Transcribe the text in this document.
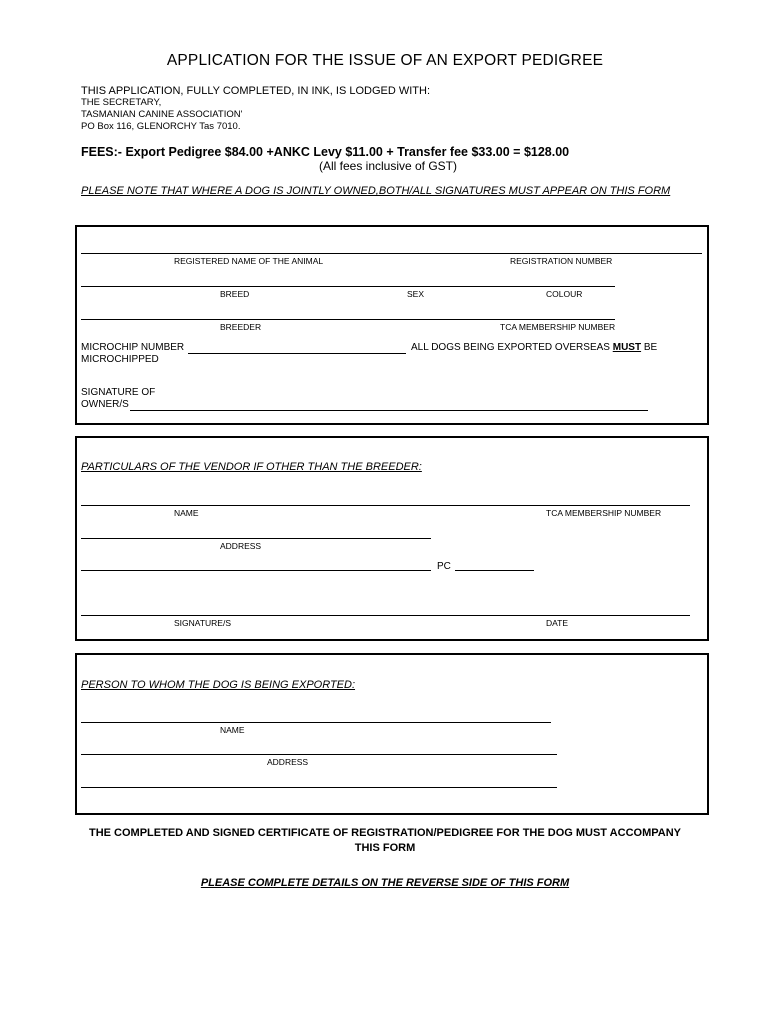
APPLICATION FOR THE ISSUE OF AN EXPORT PEDIGREE
THIS APPLICATION, FULLY COMPLETED, IN INK, IS LODGED WITH:
THE SECRETARY,
TASMANIAN CANINE ASSOCIATION'
PO Box 116, GLENORCHY Tas 7010.
FEES:- Export Pedigree $84.00 +ANKC Levy $11.00 + Transfer fee $33.00 = $128.00
(All fees inclusive of GST)
PLEASE NOTE THAT WHERE A DOG IS JOINTLY OWNED,BOTH/ALL SIGNATURES MUST APPEAR ON THIS FORM
REGISTERED NAME OF THE ANIMAL	REGISTRATION NUMBER
BREED	SEX	COLOUR
BREEDER	TCA MEMBERSHIP NUMBER
MICROCHIP NUMBER	ALL DOGS BEING EXPORTED OVERSEAS MUST BE
MICROCHIPPED
SIGNATURE OF
OWNER/S
PARTICULARS OF THE VENDOR IF OTHER THAN THE BREEDER:
NAME	TCA MEMBERSHIP NUMBER
ADDRESS
PC
SIGNATURE/S	DATE
PERSON TO WHOM THE DOG IS BEING EXPORTED:
NAME
ADDRESS
THE COMPLETED AND SIGNED CERTIFICATE OF REGISTRATION/PEDIGREE FOR THE DOG MUST ACCOMPANY THIS FORM
PLEASE COMPLETE DETAILS ON THE REVERSE SIDE OF THIS FORM
